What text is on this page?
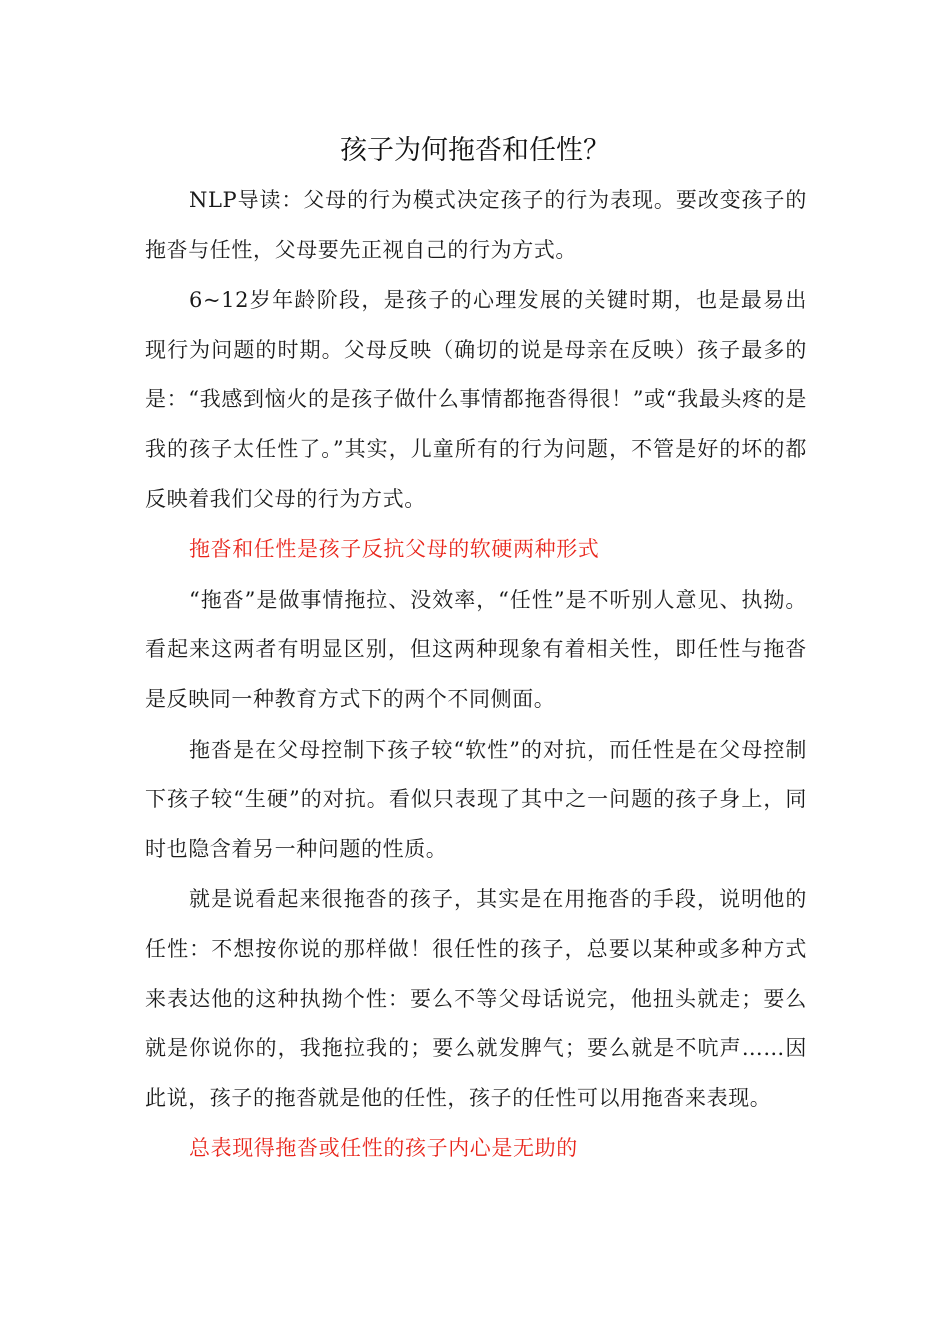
孩子为何拖沓和任性？

NLP导读：父母的行为模式决定孩子的行为表现。要改变孩子的拖沓与任性，父母要先正视自己的行为方式。

6~12岁年龄阶段，是孩子的心理发展的关键时期，也是最易出现行为问题的时期。父母反映（确切的说是母亲在反映）孩子最多的是：“我感到恼火的是孩子做什么事情都拖沓得很！”或“我最头疼的是我的孩子太任性了。”其实，儿童所有的行为问题，不管是好的坏的都反映着我们父母的行为方式。

拖沓和任性是孩子反抗父母的软硬两种形式

“拖沓”是做事情拖拉、没效率，“任性”是不听别人意见、执拗。看起来这两者有明显区别，但这两种现象有着相关性，即任性与拖沓是反映同一种教育方式下的两个不同侧面。

拖沓是在父母控制下孩子较“软性”的对抗，而任性是在父母控制下孩子较“生硬”的对抗。看似只表现了其中之一问题的孩子身上，同时也隐含着另一种问题的性质。

就是说看起来很拖沓的孩子，其实是在用拖沓的手段，说明他的任性：不想按你说的那样做！很任性的孩子，总要以某种或多种方式来表达他的这种执拗个性：要么不等父母话说完，他扭头就走；要么就是你说你的，我拖拉我的；要么就发脾气；要么就是不吭声……因此说，孩子的拖沓就是他的任性，孩子的任性可以用拖沓来表现。

总表现得拖沓或任性的孩子内心是无助的
